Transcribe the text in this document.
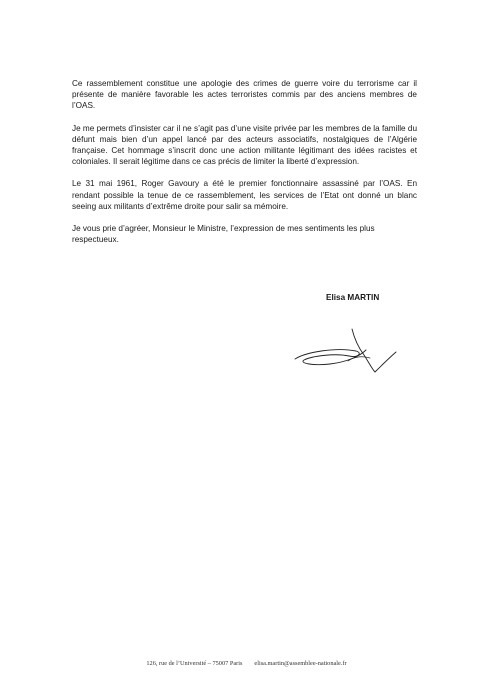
Ce rassemblement constitue une apologie des crimes de guerre voire du terrorisme car il présente de manière favorable les actes terroristes commis par des anciens membres de l’OAS.

Je me permets d’insister car il ne s’agit pas d’une visite privée par les membres de la famille du défunt mais bien d’un appel lancé par des acteurs associatifs, nostalgiques de l’Algérie française. Cet hommage s’inscrit donc une action militante légitimant des idées racistes et coloniales. Il serait légitime dans ce cas précis de limiter la liberté d’expression.

Le 31 mai 1961, Roger Gavoury a été le premier fonctionnaire assassiné par l’OAS. En rendant possible la tenue de ce rassemblement, les services de l’Etat ont donné un blanc seeing aux militants d’extrême droite pour salir sa mémoire.

Je vous prie d’agréer, Monsieur le Ministre, l’expression de mes sentiments les plus respectueux.

Elisa MARTIN
126, rue de l’Université – 75007 Paris elisa.martin@assemblee-nationale.fr
